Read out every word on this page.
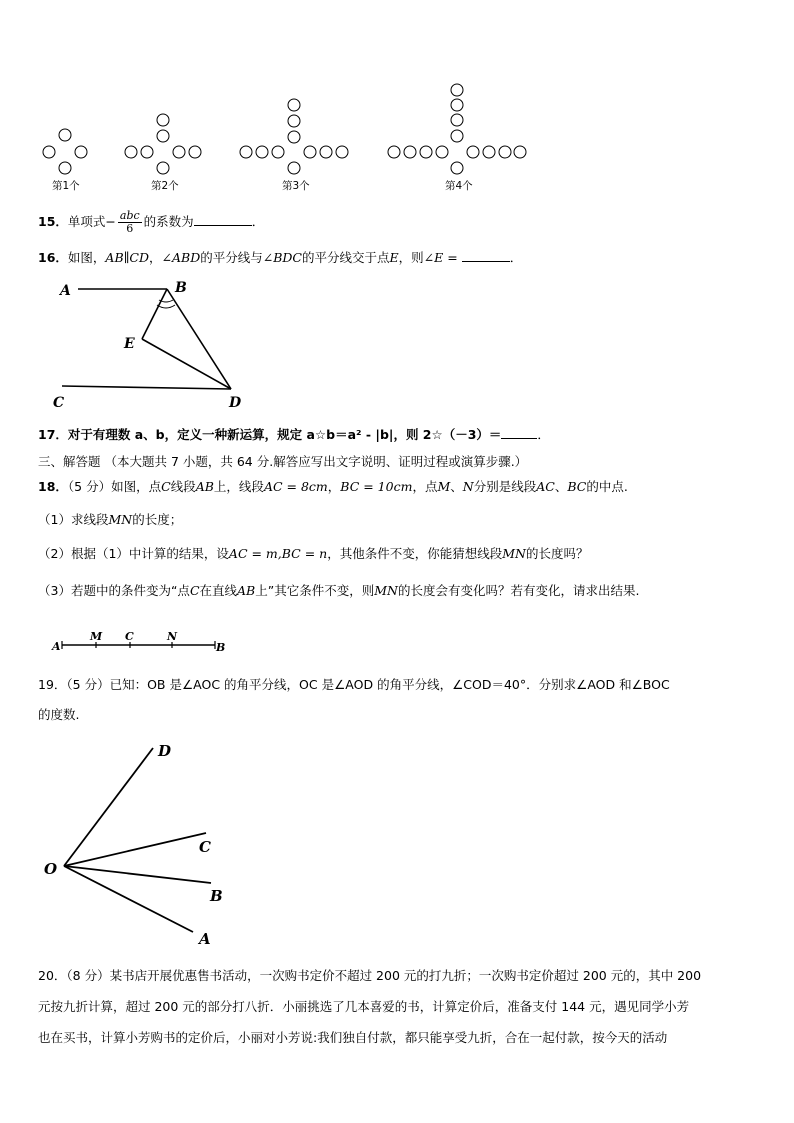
第1个	第2个	第3个	第4个
15．单项式− $\frac{\text{abc}}{6}$ 的系数为	．
16．如图，AB∥CD，∠ABD的平分线与∠BDC的平分线交于点E，则∠E =	．
A	B
E
C	D
17．对于有理数 a、b，定义一种新运算，规定 a☆b＝a² - |b|，则 2☆（－3）＝	．
三、解答题 （本大题共 7 小题，共 64 分.解答应写出文字说明、证明过程或演算步骤.）
18．（5 分）如图，点C线段AB上，线段AC = 8cm，BC = 10cm，点M、N分别是线段AC、BC的中点.
（1）求线段MN的长度；
（2）根据（1）中计算的结果，设AC = m,BC = n，其他条件不变，你能猜想线段MN的长度吗？
（3）若题中的条件变为“点C在直线AB上”其它条件不变，则MN的长度会有变化吗？若有变化，请求出结果.
A
M C	N
B
19．（5 分）已知：OB 是∠AOC 的角平分线，OC 是∠AOD 的角平分线，∠COD＝40°．分别求∠AOD 和∠BOC
的度数.
O
D
C
B
A
20．（8 分）某书店开展优惠售书活动，一次购书定价不超过 200 元的打九折；一次购书定价超过 200 元的，其中 200
元按九折计算，超过 200 元的部分打八折．小丽挑选了几本喜爱的书，计算定价后，准备支付 144 元，遇见同学小芳
也在买书，计算小芳购书的定价后，小丽对小芳说:我们独自付款，都只能享受九折，合在一起付款，按今天的活动
